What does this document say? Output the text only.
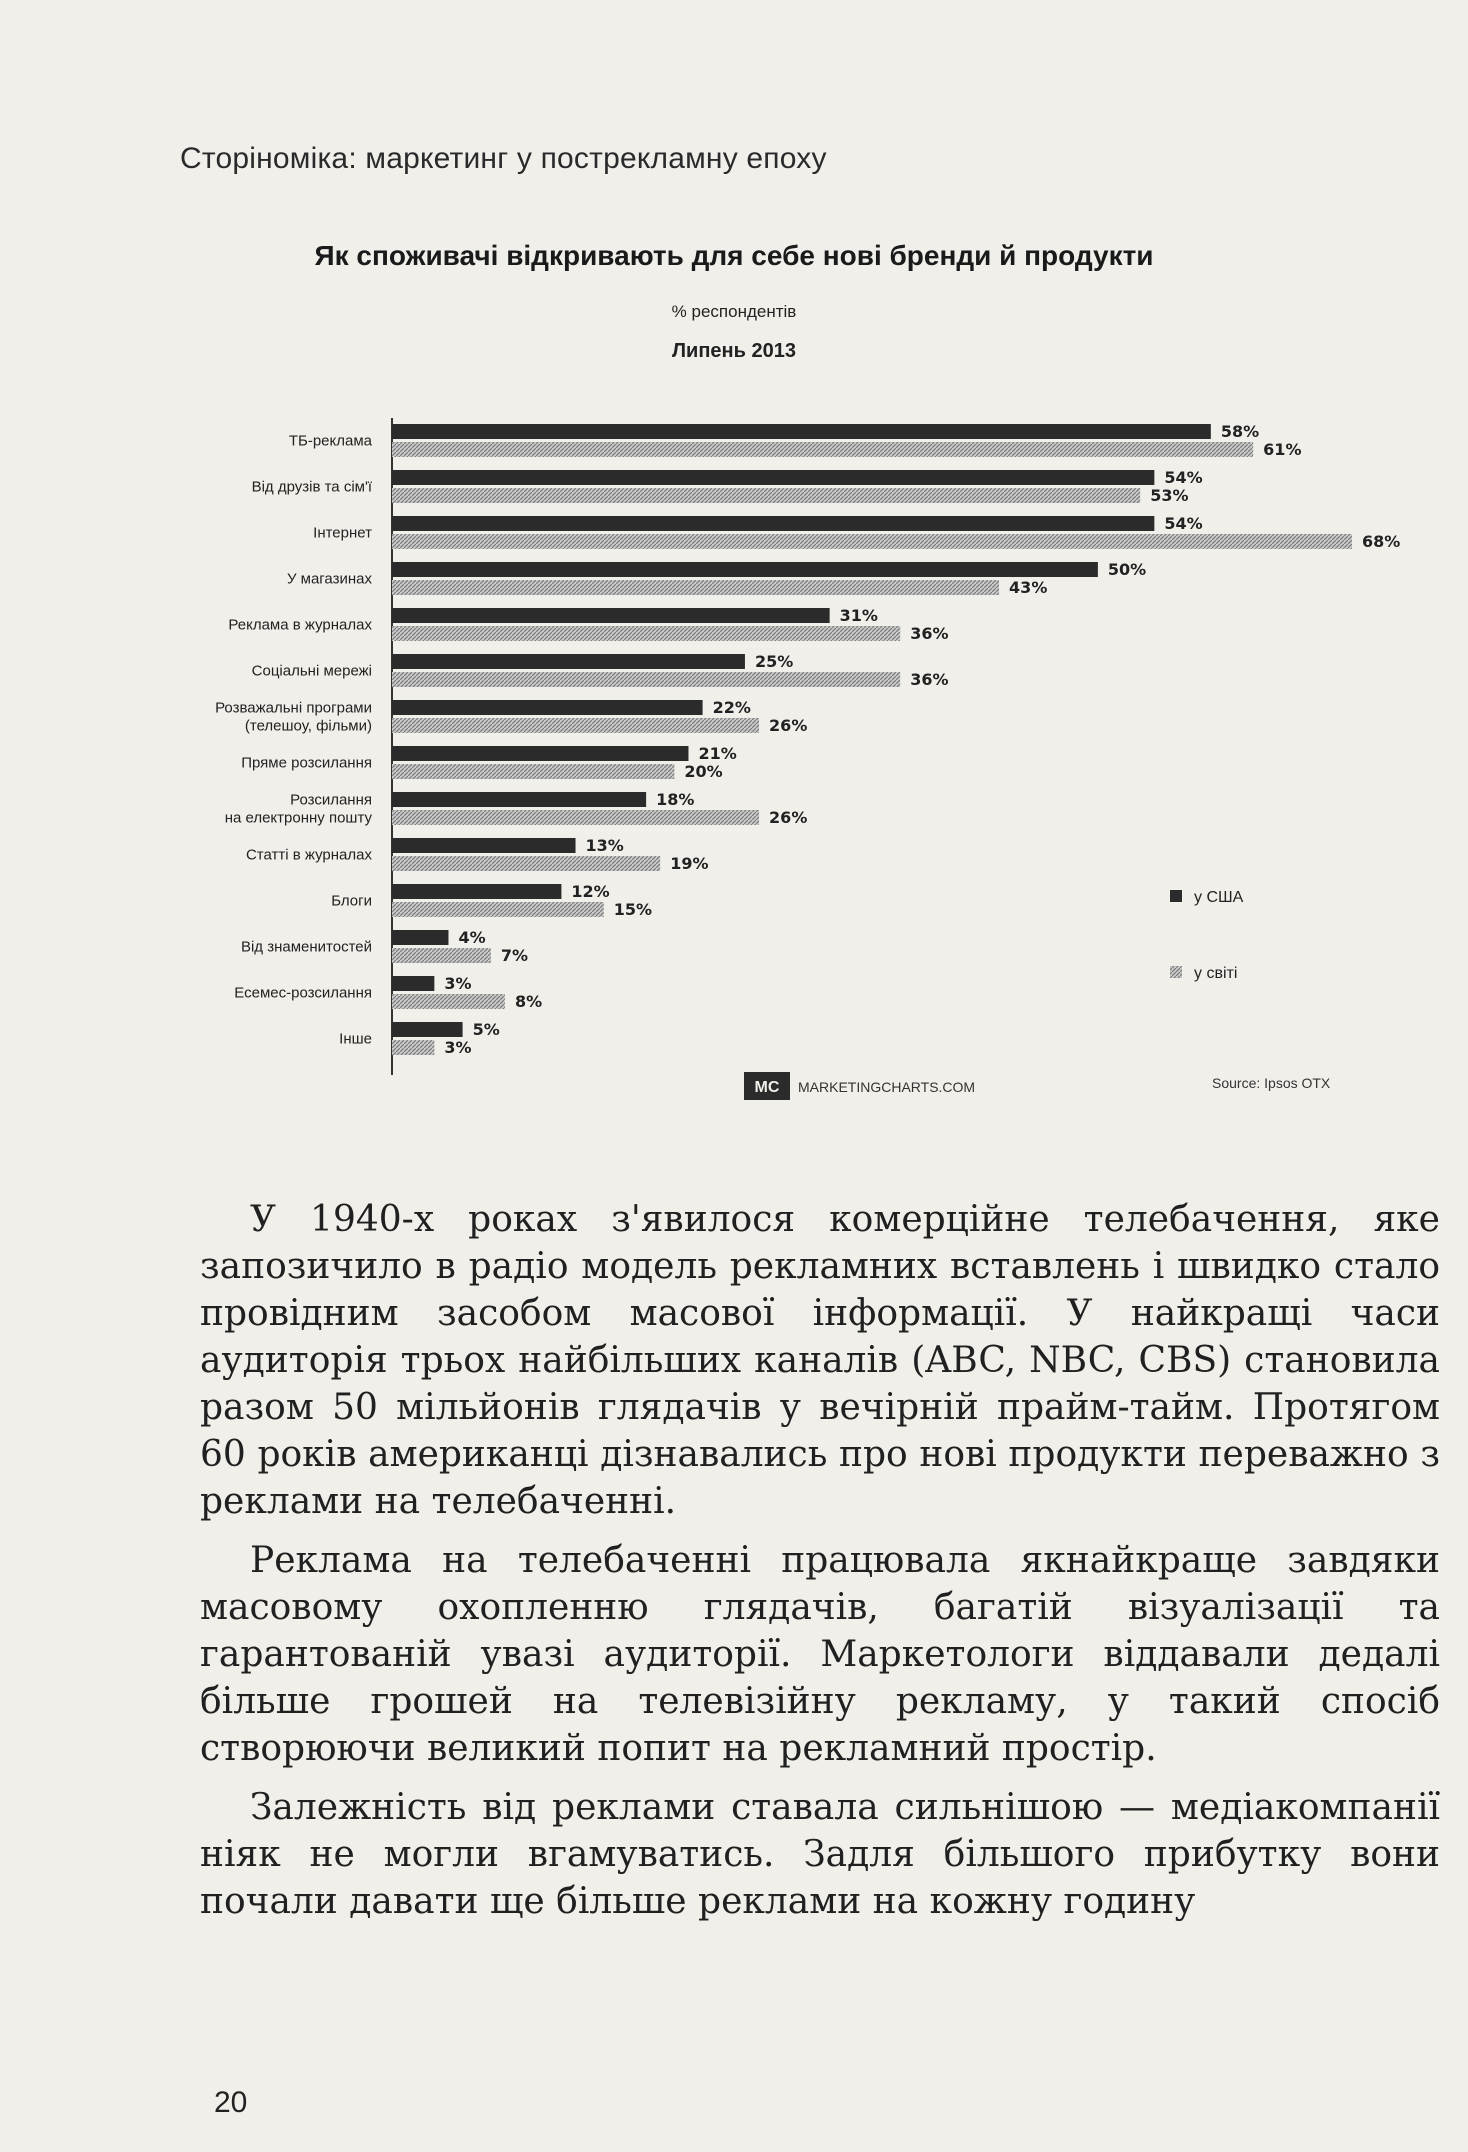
Сторіноміка: маркетинг у пострекламну епоху
Як споживачі відкривають для себе нові бренди й продукти
% респондентів
Липень 2013
ТБ-реклама
Від друзів та сім'ї
Інтернет
У магазинах
Реклама в журналах
Соціальні мережі
Розважальні програми (телешоу, фільми)
Пряме розсилання
Розсилання на електронну пошту
Статті в журналах
Блоги
Від знаменитостей
Есемес-розсилання
Інше
58%
54%
54%
50%
31%
25%
22%
21%
18%
13%
12%
4%
3%
5%
61%
53%
68%
43%
36%
36%
26%
20%
26%
19%
15%
7%
8%
3%
у США
у світі
MC MARKETINGCHARTS.COM	Source: Ipsos OTX

У 1940-х роках з'явилося комерційне телебачення, яке запозичило в радіо модель рекламних вставлень і швидко стало провідним засобом масової інформації. У найкращі часи аудиторія трьох найбільших каналів (ABC, NBC, CBS) становила разом 50 мільйонів глядачів у вечірній прайм-тайм. Протягом 60 років американці дізнавались про нові продукти переважно з реклами на телебаченні.

Реклама на телебаченні працювала якнайкраще завдяки масовому охопленню глядачів, багатій візуалізації та гарантованій увазі аудиторії. Маркетологи віддавали дедалі більше грошей на телевізійну рекламу, у такий спосіб створюючи великий попит на рекламний простір.

Залежність від реклами ставала сильнішою — медіакомпанії ніяк не могли вгамуватись. Задля більшого прибутку вони почали давати ще більше реклами на кожну годину

20
